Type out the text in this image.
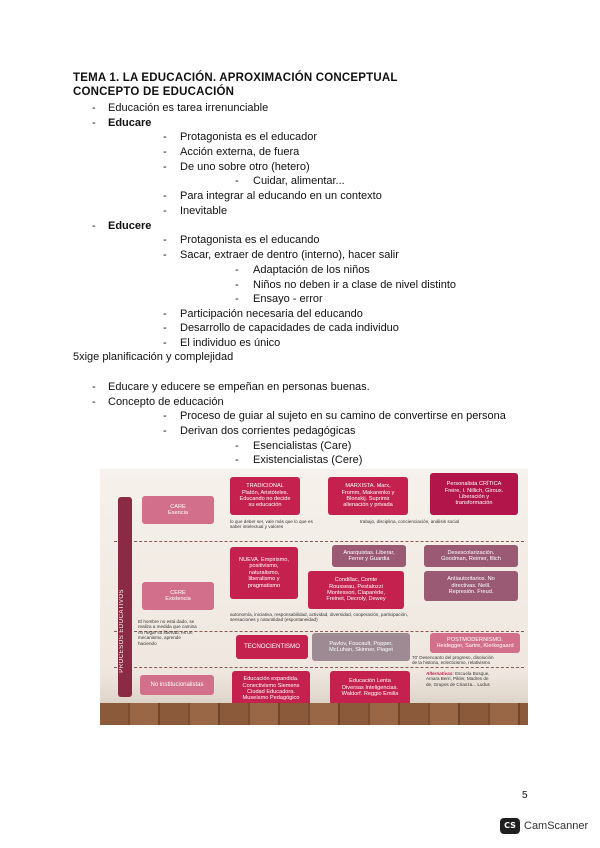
TEMA 1. LA EDUCACIÓN. APROXIMACIÓN CONCEPTUAL
CONCEPTO DE EDUCACIÓN
- Educación es tarea irrenunciable
- Educare
- Protagonista es el educador
- Acción externa, de fuera
- De uno sobre otro (hetero)
- Cuidar, alimentar...
- Para integrar al educando en un contexto
- Inevitable
- Educere
- Protagonista es el educando
- Sacar, extraer de dentro (interno), hacer salir
- Adaptación de los niños
- Niños no deben ir a clase de nivel distinto
- Ensayo - error
- Participación necesaria del educando
- Desarrollo de capacidades de cada individuo
- El individuo es único
5xige planificación y complejidad
- Educare y educere se empeñan en personas buenas.
- Concepto de educación
- Proceso de guiar al sujeto en su camino de convertirse en persona
- Derivan dos corrientes pedagógicas
- Esencialistas (Care)
- Existencialistas (Cere)
PROCESOS EDUCATIVOS
CARE
Esencia
TRADICIONAL
Platón, Aristóteles.
Educando no decide
su educación
MARXISTA. Marx,
Fromm, Makarenko y
Blonskij. Suprimir
alienación y privada
Personalista CRÍTICA
Freire, I. Nillich, Giroux.
Liberación y
transformación
lo que deber ser, vale más que lo que es
saber intelectual y valores
trabajo, disciplina, concienciación, análisis social
CERE
Existencia
NUEVA. Empirismo,
positivismo,
naturalismo,
liberalismo y
pragmatismo
Anarquistas. Liberar,
Ferrer y Guardia
Desescolarización.
Goodman, Reimer, Illich
Condillac, Comte
Rousseau, Pestalozzi
Montessori, Claparède,
Freinet, Decroly, Dewey
Antiautoritarios. No
directivas. Neill.
Represión. Freud.
El hombre no está dado, se
realiza a medida que camina
no negar su libertad, es un
mecanismo, aprende
haciendo
autonomía, iniciativa, responsabilidad, actividad, diversidad, cooperación, participación,
sensaciones y naturalidad (espontaneidad)
TECNOCIENTISMO	Pavlov, Foucault, Popper,
McLuhan, Skinner, Piaget
POSTMODERNISMO.
Heidegger, Sartre, Kierkegaard
70' Desencanto del progreso, disolución
de la historia, eclecticismo, relativismo
No institucionalistas
Educación expandida.
Conectivismo Siemens
Ciudad Educadora.
Museísmo Pedagógico
Educación Lenta
Diversas Inteligencias.
Waldorf. Reggio Emilia
Alternativas: Escuela Bosque,
Amara Berri, Pikler, Madres de
de, Grupos de Crianza... Ludus
5
CS CamScanner
